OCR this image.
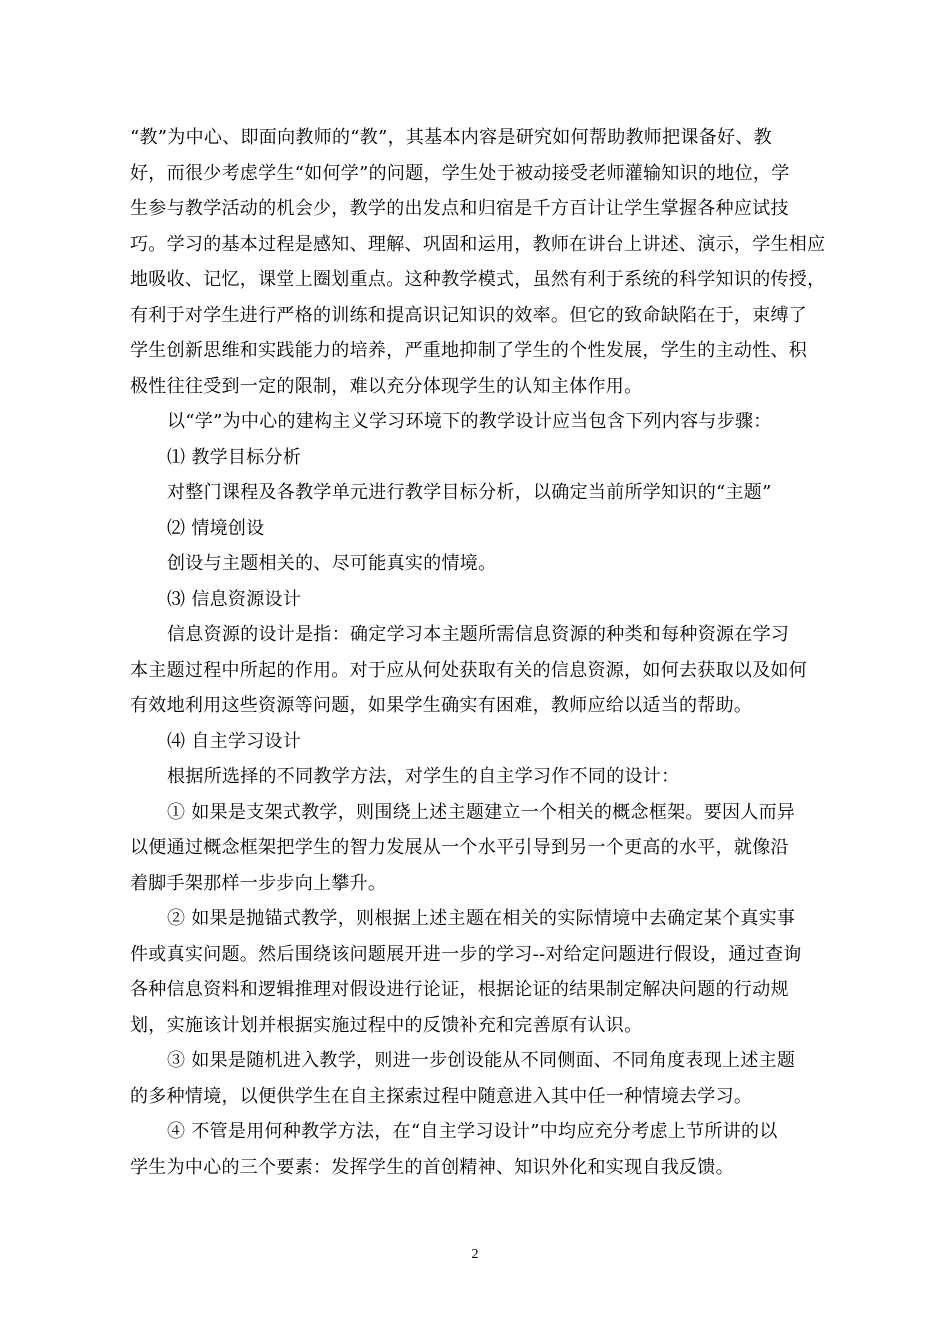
“教”为中心、即面向教师的“教”，其基本内容是研究如何帮助教师把课备好、教
好，而很少考虑学生“如何学”的问题，学生处于被动接受老师灌输知识的地位，学
生参与教学活动的机会少，教学的出发点和归宿是千方百计让学生掌握各种应试技
巧。学习的基本过程是感知、理解、巩固和运用，教师在讲台上讲述、演示，学生相应
地吸收、记忆，课堂上圈划重点。这种教学模式，虽然有利于系统的科学知识的传授，
有利于对学生进行严格的训练和提高识记知识的效率。但它的致命缺陷在于，束缚了
学生创新思维和实践能力的培养，严重地抑制了学生的个性发展，学生的主动性、积
极性往往受到一定的限制，难以充分体现学生的认知主体作用。
以“学”为中心的建构主义学习环境下的教学设计应当包含下列内容与步骤：
⑴ 教学目标分析
对整门课程及各教学单元进行教学目标分析，以确定当前所学知识的“主题”
⑵ 情境创设
创设与主题相关的、尽可能真实的情境。
⑶ 信息资源设计
信息资源的设计是指：确定学习本主题所需信息资源的种类和每种资源在学习
本主题过程中所起的作用。对于应从何处获取有关的信息资源，如何去获取以及如何
有效地利用这些资源等问题，如果学生确实有困难，教师应给以适当的帮助。
⑷ 自主学习设计
根据所选择的不同教学方法，对学生的自主学习作不同的设计：
① 如果是支架式教学，则围绕上述主题建立一个相关的概念框架。要因人而异
以便通过概念框架把学生的智力发展从一个水平引导到另一个更高的水平，就像沿
着脚手架那样一步步向上攀升。
② 如果是抛锚式教学，则根据上述主题在相关的实际情境中去确定某个真实事
件或真实问题。然后围绕该问题展开进一步的学习--对给定问题进行假设，通过查询
各种信息资料和逻辑推理对假设进行论证，根据论证的结果制定解决问题的行动规
划，实施该计划并根据实施过程中的反馈补充和完善原有认识。
③ 如果是随机进入教学，则进一步创设能从不同侧面、不同角度表现上述主题
的多种情境，以便供学生在自主探索过程中随意进入其中任一种情境去学习。
④ 不管是用何种教学方法，在“自主学习设计”中均应充分考虑上节所讲的以
学生为中心的三个要素：发挥学生的首创精神、知识外化和实现自我反馈。
2
